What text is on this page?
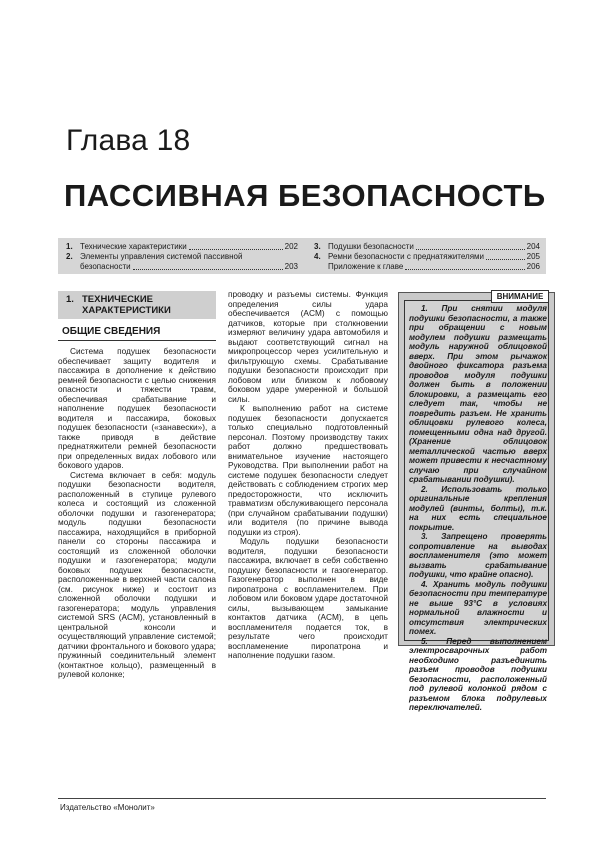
Глава 18
ПАССИВНАЯ БЕЗОПАСНОСТЬ
1. Технические характеристики	202
2. Элементы управления системой пассивной
безопасности	203
3. Подушки безопасности	204
4. Ремни безопасности с преднатяжителями	205
Приложение к главе	206
1. ТЕХНИЧЕСКИЕ ХАРАКТЕРИСТИКИ
ОБЩИЕ СВЕДЕНИЯ

Система подушек безопасности обеспечивает защиту водителя и пассажира в дополнение к действию ремней безопасности с целью снижения опасности и тяжести травм, обеспечивая срабатывание и наполнение подушек безопасности водителя и пассажира, боковых подушек безопасности («занавески»), а также приводя в действие преднатяжители ремней безопасности при определенных видах лобового или бокового ударов.

Система включает в себя: модуль подушки безопасности водителя, расположенный в ступице рулевого колеса и состоящий из сложенной оболочки подушки и газогенератора; модуль подушки безопасности пассажира, находящийся в приборной панели со стороны пассажира и состоящий из сложенной оболочки подушки и газогенератора; модули боковых подушек безопасности, расположенные в верхней части салона (см. рисунок ниже) и состоит из сложенной оболочки подушки и газогенератора; модуль управления системой SRS (ACM), установленный в центральной консоли и осуществляющий управление системой; датчики фронтального и бокового удара; пружинный соединительный элемент (контактное кольцо), размещенный в рулевой колонке;

проводку и разъемы системы. Функция определения силы удара обеспечивается (ACM) с помощью датчиков, которые при столкновении измеряют величину удара автомобиля и выдают соответствующий сигнал на микропроцессор через усилительную и фильтрующую схемы. Срабатывание подушки безопасности происходит при лобовом или близком к лобовому боковом ударе умеренной и большой силы.

К выполнению работ на системе подушек безопасности допускается только специально подготовленный персонал. Поэтому производству таких работ должно предшествовать внимательное изучение настоящего Руководства. При выполнении работ на системе подушек безопасности следует действовать с соблюдением строгих мер предосторожности, что исключить травматизм обслуживающего персонала (при случайном срабатывании подушки) или водителя (по причине вывода подушки из строя).

Модуль подушки безопасности водителя, подушки безопасности пассажира, включает в себя собственно подушку безопасности и газогенератор. Газогенератор выполнен в виде пиропатрона с воспламенителем. При лобовом или боковом ударе достаточной силы, вызывающем замыкание контактов датчика (ACM), в цепь воспламенителя подается ток, в результате чего происходит воспламенение пиропатрона и наполнение подушки газом.

ВНИМАНИЕ

1. При снятии модуля подушки безопасности, а также при обращении с новым модулем подушки размещать модуль наружной облицовкой вверх. При этом рычажок двойного фиксатора разъема проводов модуля подушки должен быть в положении блокировки, а размещать его следует так, чтобы не повредить разъем. Не хранить облицовки рулевого колеса, помещенными одна над другой. (Хранение облицовок металлической частью вверх может привести к несчастному случаю при случайном срабатывании подушки).

2. Использовать только оригинальные крепления модулей (винты, болты), т.к. на них есть специальное покрытие.

3. Запрещено проверять сопротивление на выводах воспламенителя (это может вызвать срабатывание подушки, что крайне опасно).

4. Хранить модуль подушки безопасности при температуре не выше 93°С в условиях нормальной влажности и отсутствия электрических помех.

5. Перед выполнением электросварочных работ необходимо разъединить разъем проводов подушки безопасности, расположенный под рулевой колонкой рядом с разъемом блока подрулевых переключателей.

Издательство «Монолит»
